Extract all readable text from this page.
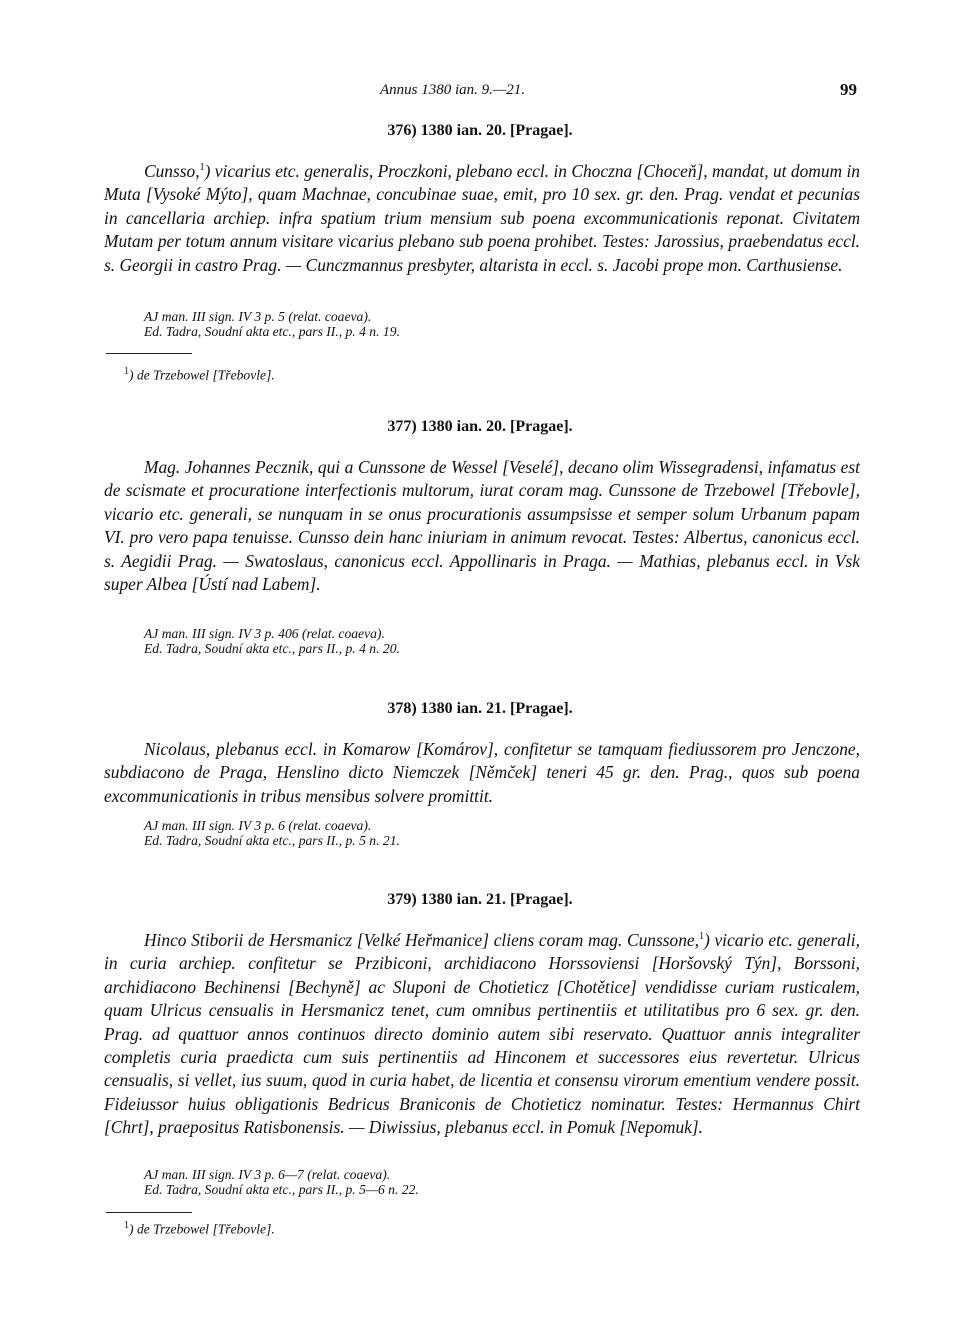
Annus 1380 ian. 9.—21.	99
376) 1380 ian. 20. [Pragae].
Cunsso,$^1$) vicarius etc. generalis, Proczkoni, plebano eccl. in Choczna [Choceň], mandat, ut domum in Muta [Vysoké Mýto], quam Machnae, concubinae suae, emit, pro 10 sex. gr. den. Prag. vendat et pecunias in cancellaria archiep. infra spatium trium mensium sub poena excommunicationis reponat. Civitatem Mutam per totum annum visitare vicarius plebano sub poena prohibet. Testes: Jarossius, praebendatus eccl. s. Georgii in castro Prag. — Cunczmannus presbyter, altarista in eccl. s. Jacobi prope mon. Carthusiense.
AJ man. III sign. IV 3 p. 5 (relat. coaeva).
Ed. Tadra, Soudní akta etc., pars II., p. 4 n. 19.
$^1$) de Trzebowel [Třebovle].
377) 1380 ian. 20. [Pragae].
Mag. Johannes Pecznik, qui a Cunssone de Wessel [Veselé], decano olim Wissegradensi, infamatus est de scismate et procuratione interfectionis multorum, iurat coram mag. Cunssone de Trzebowel [Třebovle], vicario etc. generali, se nunquam in se onus procurationis assumpsisse et semper solum Urbanum papam VI. pro vero papa tenuisse. Cunsso dein hanc iniuriam in animum revocat. Testes: Albertus, canonicus eccl. s. Aegidii Prag. — Swatoslaus, canonicus eccl. Appollinaris in Praga. — Mathias, plebanus eccl. in Vsk super Albea [Ústí nad Labem].
AJ man. III sign. IV 3 p. 406 (relat. coaeva).
Ed. Tadra, Soudní akta etc., pars II., p. 4 n. 20.
378) 1380 ian. 21. [Pragae].
Nicolaus, plebanus eccl. in Komarow [Komárov], confitetur se tamquam fiediussorem pro Jenczone, subdiacono de Praga, Henslino dicto Niemczek [Němček] teneri 45 gr. den. Prag., quos sub poena excommunicationis in tribus mensibus solvere promittit.
AJ man. III sign. IV 3 p. 6 (relat. coaeva).
Ed. Tadra, Soudní akta etc., pars II., p. 5 n. 21.
379) 1380 ian. 21. [Pragae].
Hinco Stiborii de Hersmanicz [Velké Heřmanice] cliens coram mag. Cunssone,$^1$) vicario etc. generali, in curia archiep. confitetur se Przibiconi, archidiacono Horssoviensi [Horšovský Týn], Borssoni, archidiacono Bechinensi [Bechyně] ac Sluponi de Chotieticz [Chotětice] vendidisse curiam rusticalem, quam Ulricus censualis in Hersmanicz tenet, cum omnibus pertinentiis et utilitatibus pro 6 sex. gr. den. Prag. ad quattuor annos continuos directo dominio autem sibi reservato. Quattuor annis integraliter completis curia praedicta cum suis pertinentiis ad Hinconem et successores eius revertetur. Ulricus censualis, si vellet, ius suum, quod in curia habet, de licentia et consensu virorum ementium vendere possit. Fideiussor huius obligationis Bedricus Braniconis de Chotieticz nominatur. Testes: Hermannus Chirt [Chrt], praepositus Ratisbonensis. — Diwissius, plebanus eccl. in Pomuk [Nepomuk].
AJ man. III sign. IV 3 p. 6—7 (relat. coaeva).
Ed. Tadra, Soudní akta etc., pars II., p. 5—6 n. 22.
$^1$) de Trzebowel [Třebovle].
